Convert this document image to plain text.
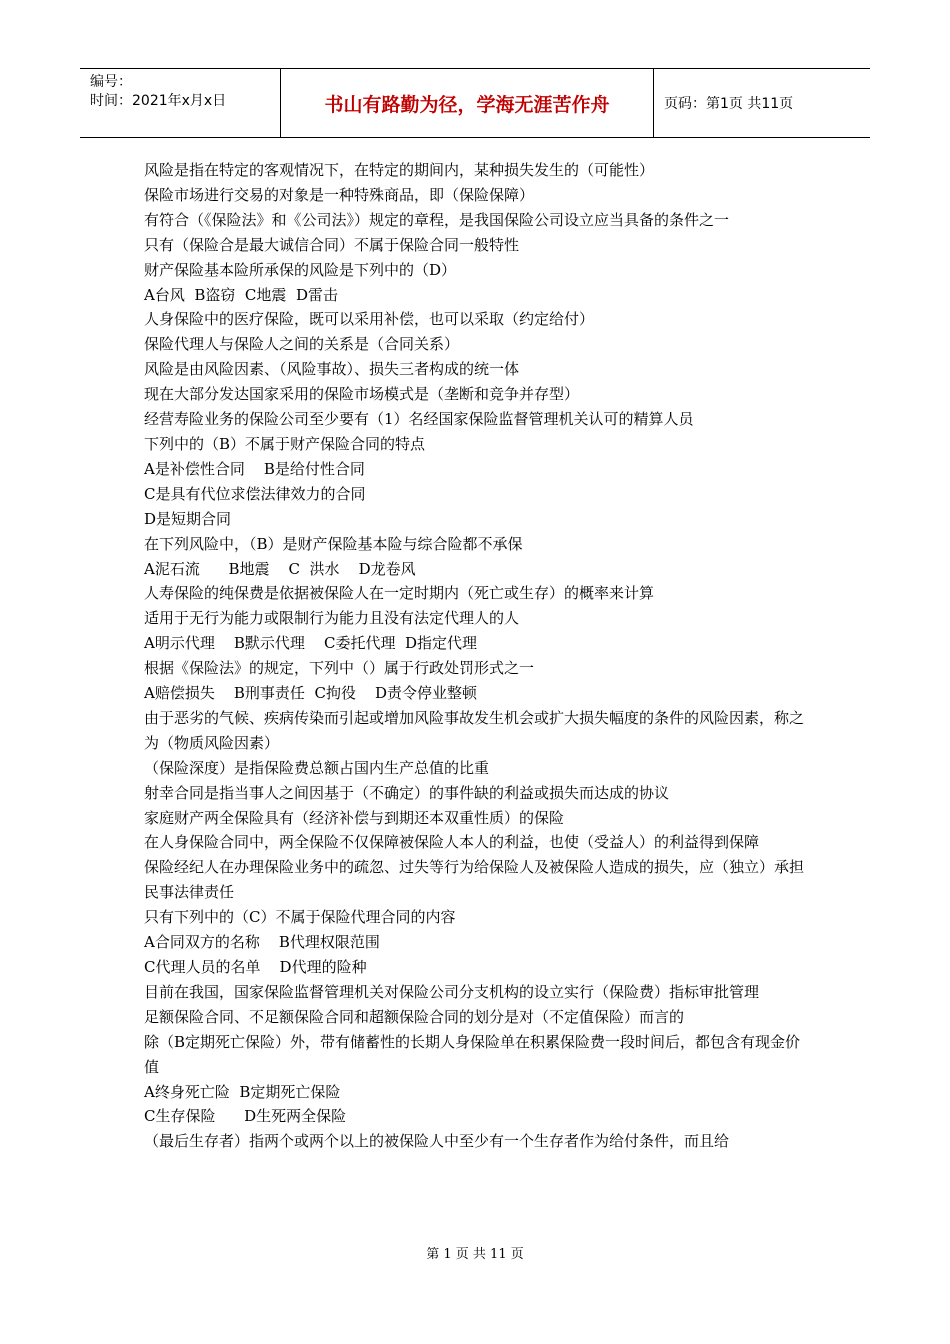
编号：
时间：2021年x月x日	书山有路勤为径，学海无涯苦作舟	页码：第1页 共11页
风险是指在特定的客观情况下，在特定的期间内，某种损失发生的（可能性）
保险市场进行交易的对象是一种特殊商品，即（保险保障）
有符合（《保险法》和《公司法》）规定的章程，是我国保险公司设立应当具备的条件之一
只有（保险合是最大诚信合同）不属于保险合同一般特性
财产保险基本险所承保的风险是下列中的（D）
A台风  B盗窃  C地震  D雷击
人身保险中的医疗保险，既可以采用补偿，也可以采取（约定给付）
保险代理人与保险人之间的关系是（合同关系）
风险是由风险因素、（风险事故）、损失三者构成的统一体
现在大部分发达国家采用的保险市场模式是（垄断和竞争并存型）
经营寿险业务的保险公司至少要有（1）名经国家保险监督管理机关认可的精算人员
下列中的（B）不属于财产保险合同的特点
A是补偿性合同    B是给付性合同
C是具有代位求偿法律效力的合同
D是短期合同
在下列风险中，（B）是财产保险基本险与综合险都不承保
A泥石流      B地震    C  洪水    D龙卷风
人寿保险的纯保费是依据被保险人在一定时期内（死亡或生存）的概率来计算
适用于无行为能力或限制行为能力且没有法定代理人的人
A明示代理    B默示代理    C委托代理  D指定代理
根据《保险法》的规定，下列中（）属于行政处罚形式之一
A赔偿损失    B刑事责任  C拘役    D责令停业整顿
由于恶劣的气候、疾病传染而引起或增加风险事故发生机会或扩大损失幅度的条件的风险因素，称之为（物质风险因素）
（保险深度）是指保险费总额占国内生产总值的比重
射幸合同是指当事人之间因基于（不确定）的事件缺的利益或损失而达成的协议
家庭财产两全保险具有（经济补偿与到期还本双重性质）的保险
在人身保险合同中，两全保险不仅保障被保险人本人的利益，也使（受益人）的利益得到保障
保险经纪人在办理保险业务中的疏忽、过失等行为给保险人及被保险人造成的损失，应（独立）承担民事法律责任
只有下列中的（C）不属于保险代理合同的内容
A合同双方的名称    B代理权限范围
C代理人员的名单    D代理的险种
目前在我国，国家保险监督管理机关对保险公司分支机构的设立实行（保险费）指标审批管理
足额保险合同、不足额保险合同和超额保险合同的划分是对（不定值保险）而言的
除（B定期死亡保险）外，带有储蓄性的长期人身保险单在积累保险费一段时间后，都包含有现金价值
A终身死亡险  B定期死亡保险
C生存保险      D生死两全保险
（最后生存者）指两个或两个以上的被保险人中至少有一个生存者作为给付条件，而且给
第 1 页 共 11 页
